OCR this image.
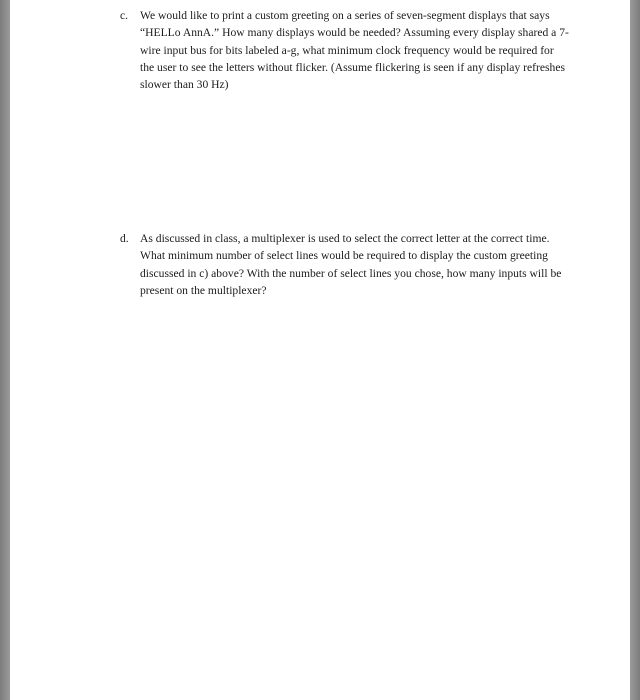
c. We would like to print a custom greeting on a series of seven-segment displays that says “HELLo AnnA.” How many displays would be needed? Assuming every display shared a 7-wire input bus for bits labeled a-g, what minimum clock frequency would be required for the user to see the letters without flicker. (Assume flickering is seen if any display refreshes slower than 30 Hz)
d. As discussed in class, a multiplexer is used to select the correct letter at the correct time. What minimum number of select lines would be required to display the custom greeting discussed in c) above? With the number of select lines you chose, how many inputs will be present on the multiplexer?
